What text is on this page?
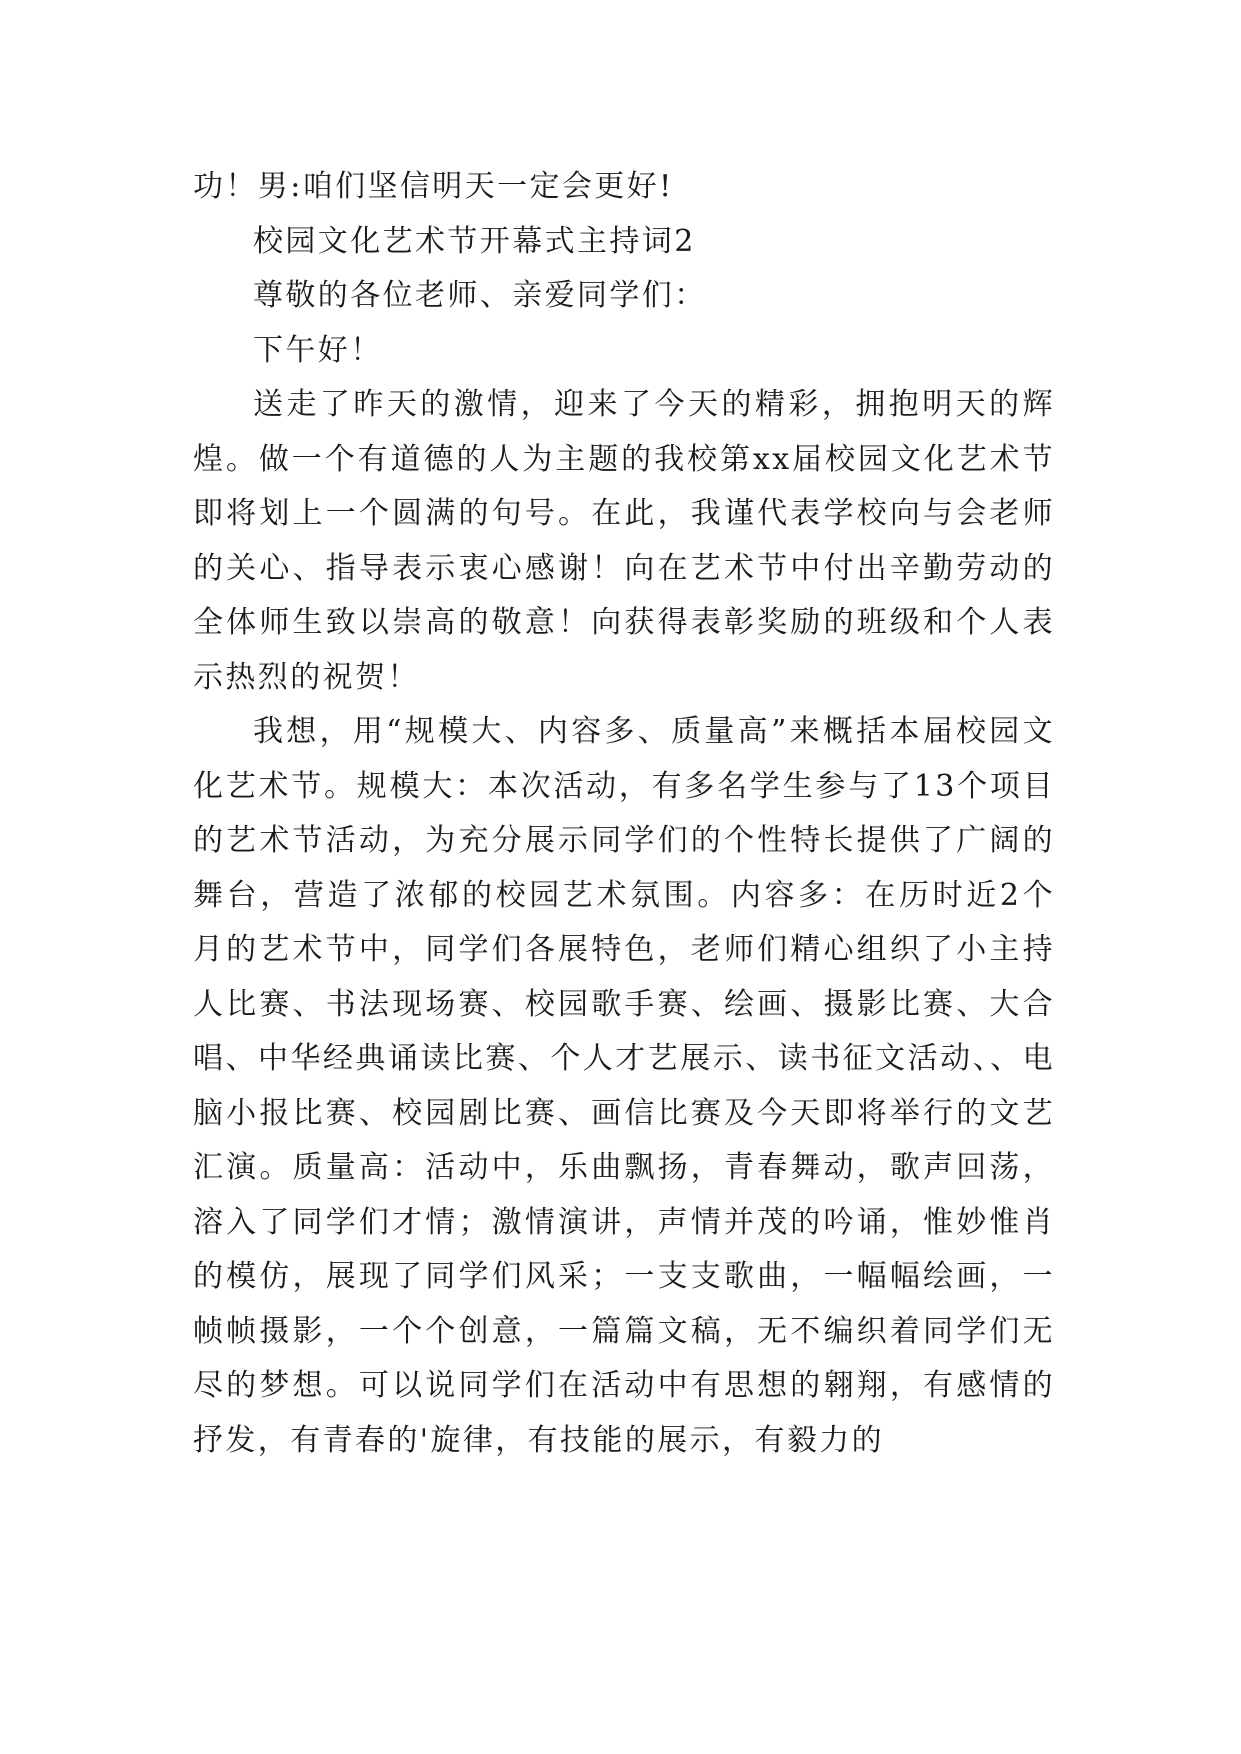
功！男:咱们坚信明天一定会更好!

校园文化艺术节开幕式主持词2

尊敬的各位老师、亲爱同学们：

下午好！

送走了昨天的激情，迎来了今天的精彩，拥抱明天的辉煌。做一个有道德的人为主题的我校第xx届校园文化艺术节即将划上一个圆满的句号。在此，我谨代表学校向与会老师的关心、指导表示衷心感谢！向在艺术节中付出辛勤劳动的全体师生致以崇高的敬意！向获得表彰奖励的班级和个人表示热烈的祝贺！

我想，用“规模大、内容多、质量高”来概括本届校园文化艺术节。规模大：本次活动，有多名学生参与了13个项目的艺术节活动，为充分展示同学们的个性特长提供了广阔的舞台，营造了浓郁的校园艺术氛围。内容多：在历时近2个月的艺术节中，同学们各展特色，老师们精心组织了小主持人比赛、书法现场赛、校园歌手赛、绘画、摄影比赛、大合唱、中华经典诵读比赛、个人才艺展示、读书征文活动、、电脑小报比赛、校园剧比赛、画信比赛及今天即将举行的文艺汇演。质量高：活动中，乐曲飘扬，青春舞动，歌声回荡，溶入了同学们才情；激情演讲，声情并茂的吟诵，惟妙惟肖的模仿，展现了同学们风采；一支支歌曲，一幅幅绘画，一帧帧摄影，一个个创意，一篇篇文稿，无不编织着同学们无尽的梦想。可以说同学们在活动中有思想的翱翔，有感情的抒发，有青春的'旋律，有技能的展示，有毅力的
